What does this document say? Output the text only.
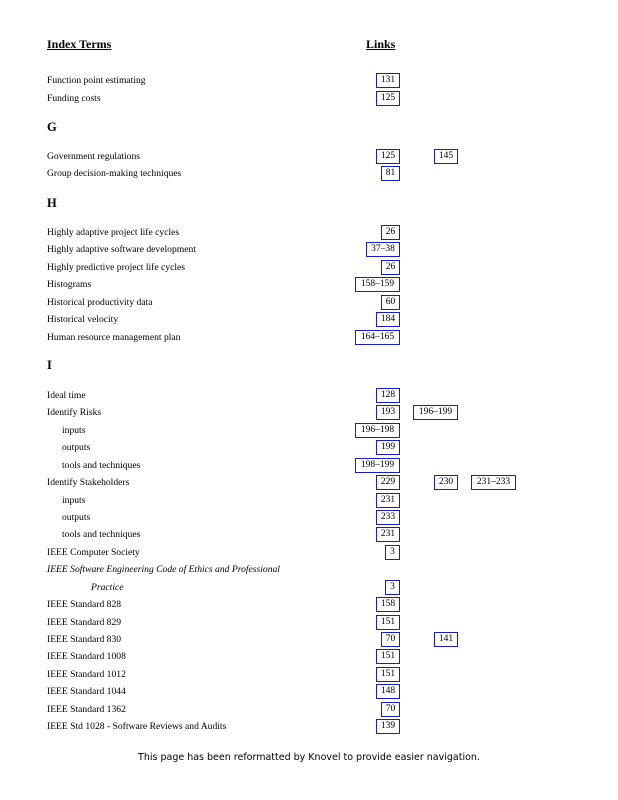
Index Terms	Links
G
H
I
Function point estimating	131
Funding costs	125
Government regulations	125	145
Group decision-making techniques	81
Highly adaptive project life cycles	26
Highly adaptive software development	37–38
Highly predictive project life cycles	26
Histograms	158–159
Historical productivity data	60
Historical velocity	184
Human resource management plan	164–165
Ideal time	128
Identify Risks	193	196–199
inputs	196–198
outputs	199
tools and techniques	198–199
Identify Stakeholders	229	230	231–233
inputs	231
outputs	233
tools and techniques	231
IEEE Computer Society	3
IEEE Software Engineering Code of Ethics and Professional
Practice	3
IEEE Standard 828	158
IEEE Standard 829	151
IEEE Standard 830	70	141
IEEE Standard 1008	151
IEEE Standard 1012	151
IEEE Standard 1044	148
IEEE Standard 1362	70
IEEE Std 1028 - Software Reviews and Audits	139
This page has been reformatted by Knovel to provide easier navigation.
